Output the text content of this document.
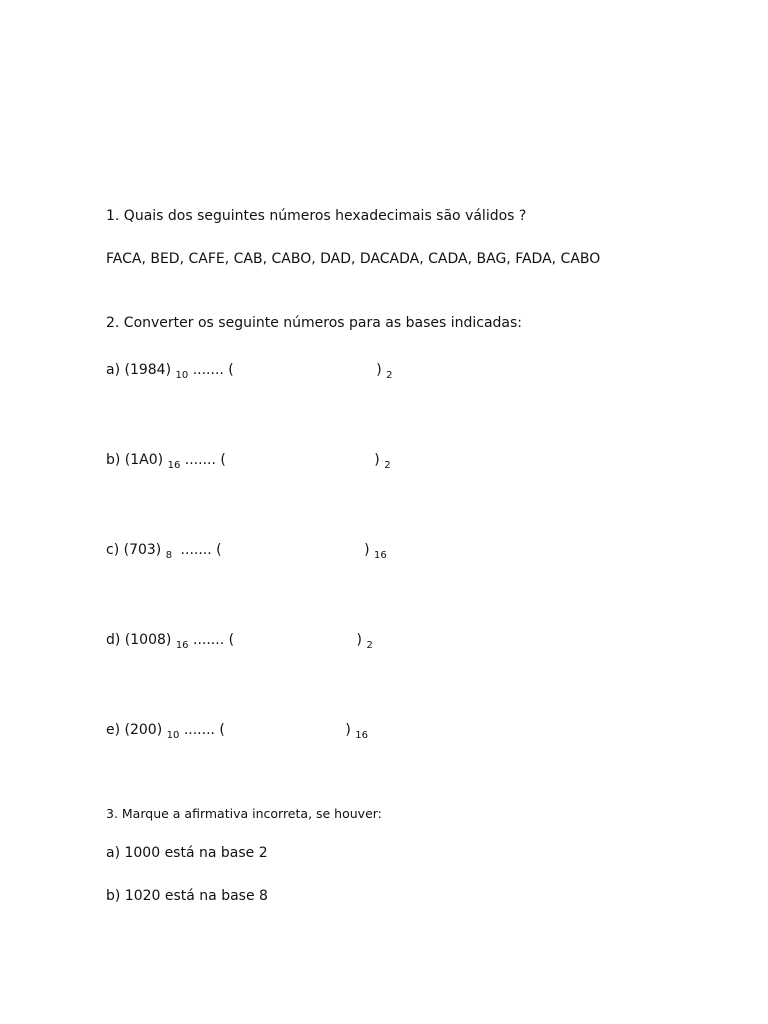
1. Quais dos seguintes números hexadecimais são válidos ?
FACA, BED, CAFE, CAB, CABO, DAD, DACADA, CADA, BAG, FADA, CABO
2. Converter os seguinte números para as bases indicadas:
a) (1984) $_{10}$ ....... (	) $_2$
b) (1A0) $_{16}$ ....... (	) $_2$
c) (703) $_8$ ....... (	) $_{16}$
d) (1008) $_{16}$ ....... (	) $_2$
e) (200) $_{10}$ ....... (	) $_{16}$
3. Marque a afirmativa incorreta, se houver:
a) 1000 está na base 2
b) 1020 está na base 8
